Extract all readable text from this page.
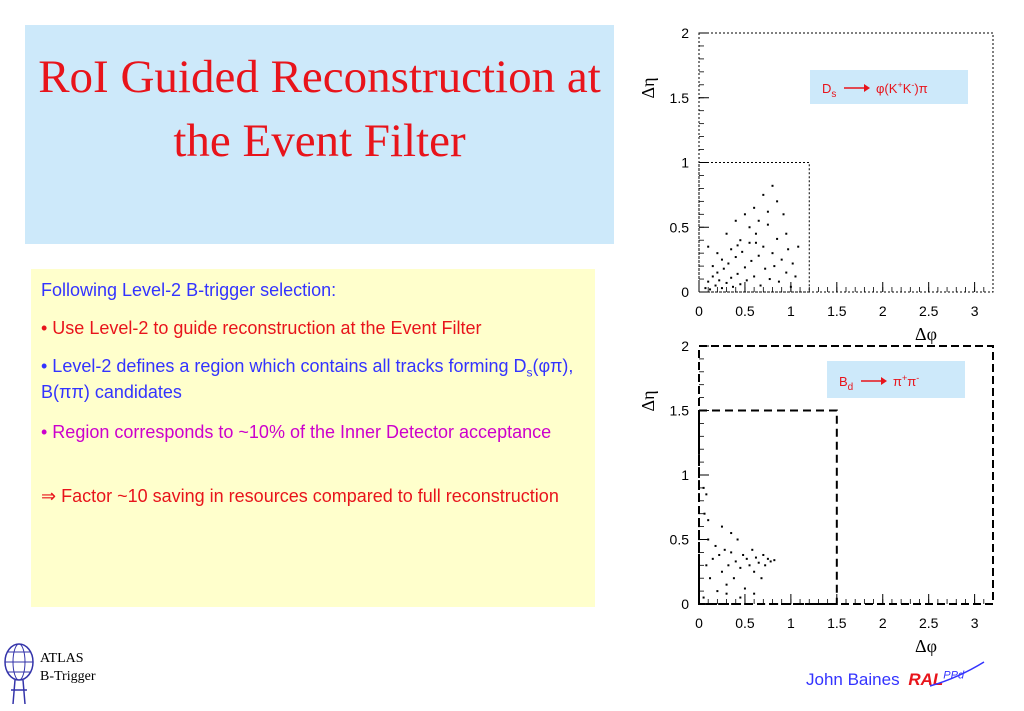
RoI Guided Reconstruction at the Event Filter

Following Level-2 B-trigger selection:

• Use Level-2 to guide reconstruction at the Event Filter

• Level-2 defines a region which contains all tracks forming $D_s(\varphi\pi)$, B(ππ) candidates

• Region corresponds to ~10% of the Inner Detector acceptance

⇒ Factor ~10 saving in resources compared to full reconstruction

0
0.5
1
1.5
2
0 0.5 1 1.5 2 2.5 3
Δφ
Δη	$D_s$	φ(K+K-)π
0
0.5
1
1.5
2
0 0.5 1 1.5 2 2.5 3
Δφ
Δη
$B_d$	π+π-
ATLAS
B-Trigger	John Baines $RAL^{PPd}$
